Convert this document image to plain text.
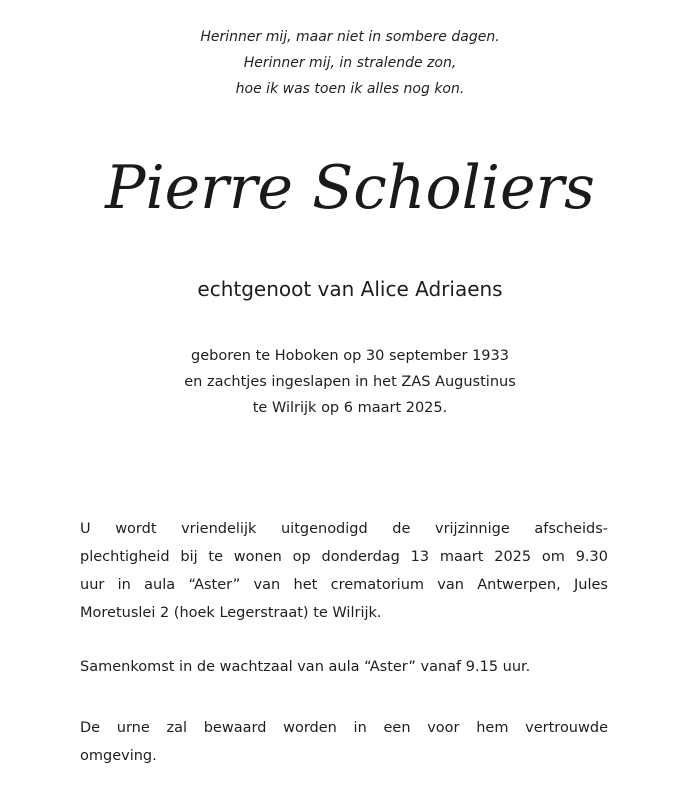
Herinner mij, maar niet in sombere dagen.
Herinner mij, in stralende zon,
hoe ik was toen ik alles nog kon.
Pierre Scholiers
echtgenoot van Alice Adriaens
geboren te Hoboken op 30 september 1933
en zachtjes ingeslapen in het ZAS Augustinus
te Wilrijk op 6 maart 2025.
U wordt vriendelijk uitgenodigd de vrijzinnige afscheids-
plechtigheid bij te wonen op donderdag 13 maart 2025 om 9.30
uur in aula “Aster” van het crematorium van Antwerpen, Jules
Moretuslei 2 (hoek Legerstraat) te Wilrijk.
Samenkomst in de wachtzaal van aula “Aster” vanaf 9.15 uur.
De urne zal bewaard worden in een voor hem vertrouwde
omgeving.
